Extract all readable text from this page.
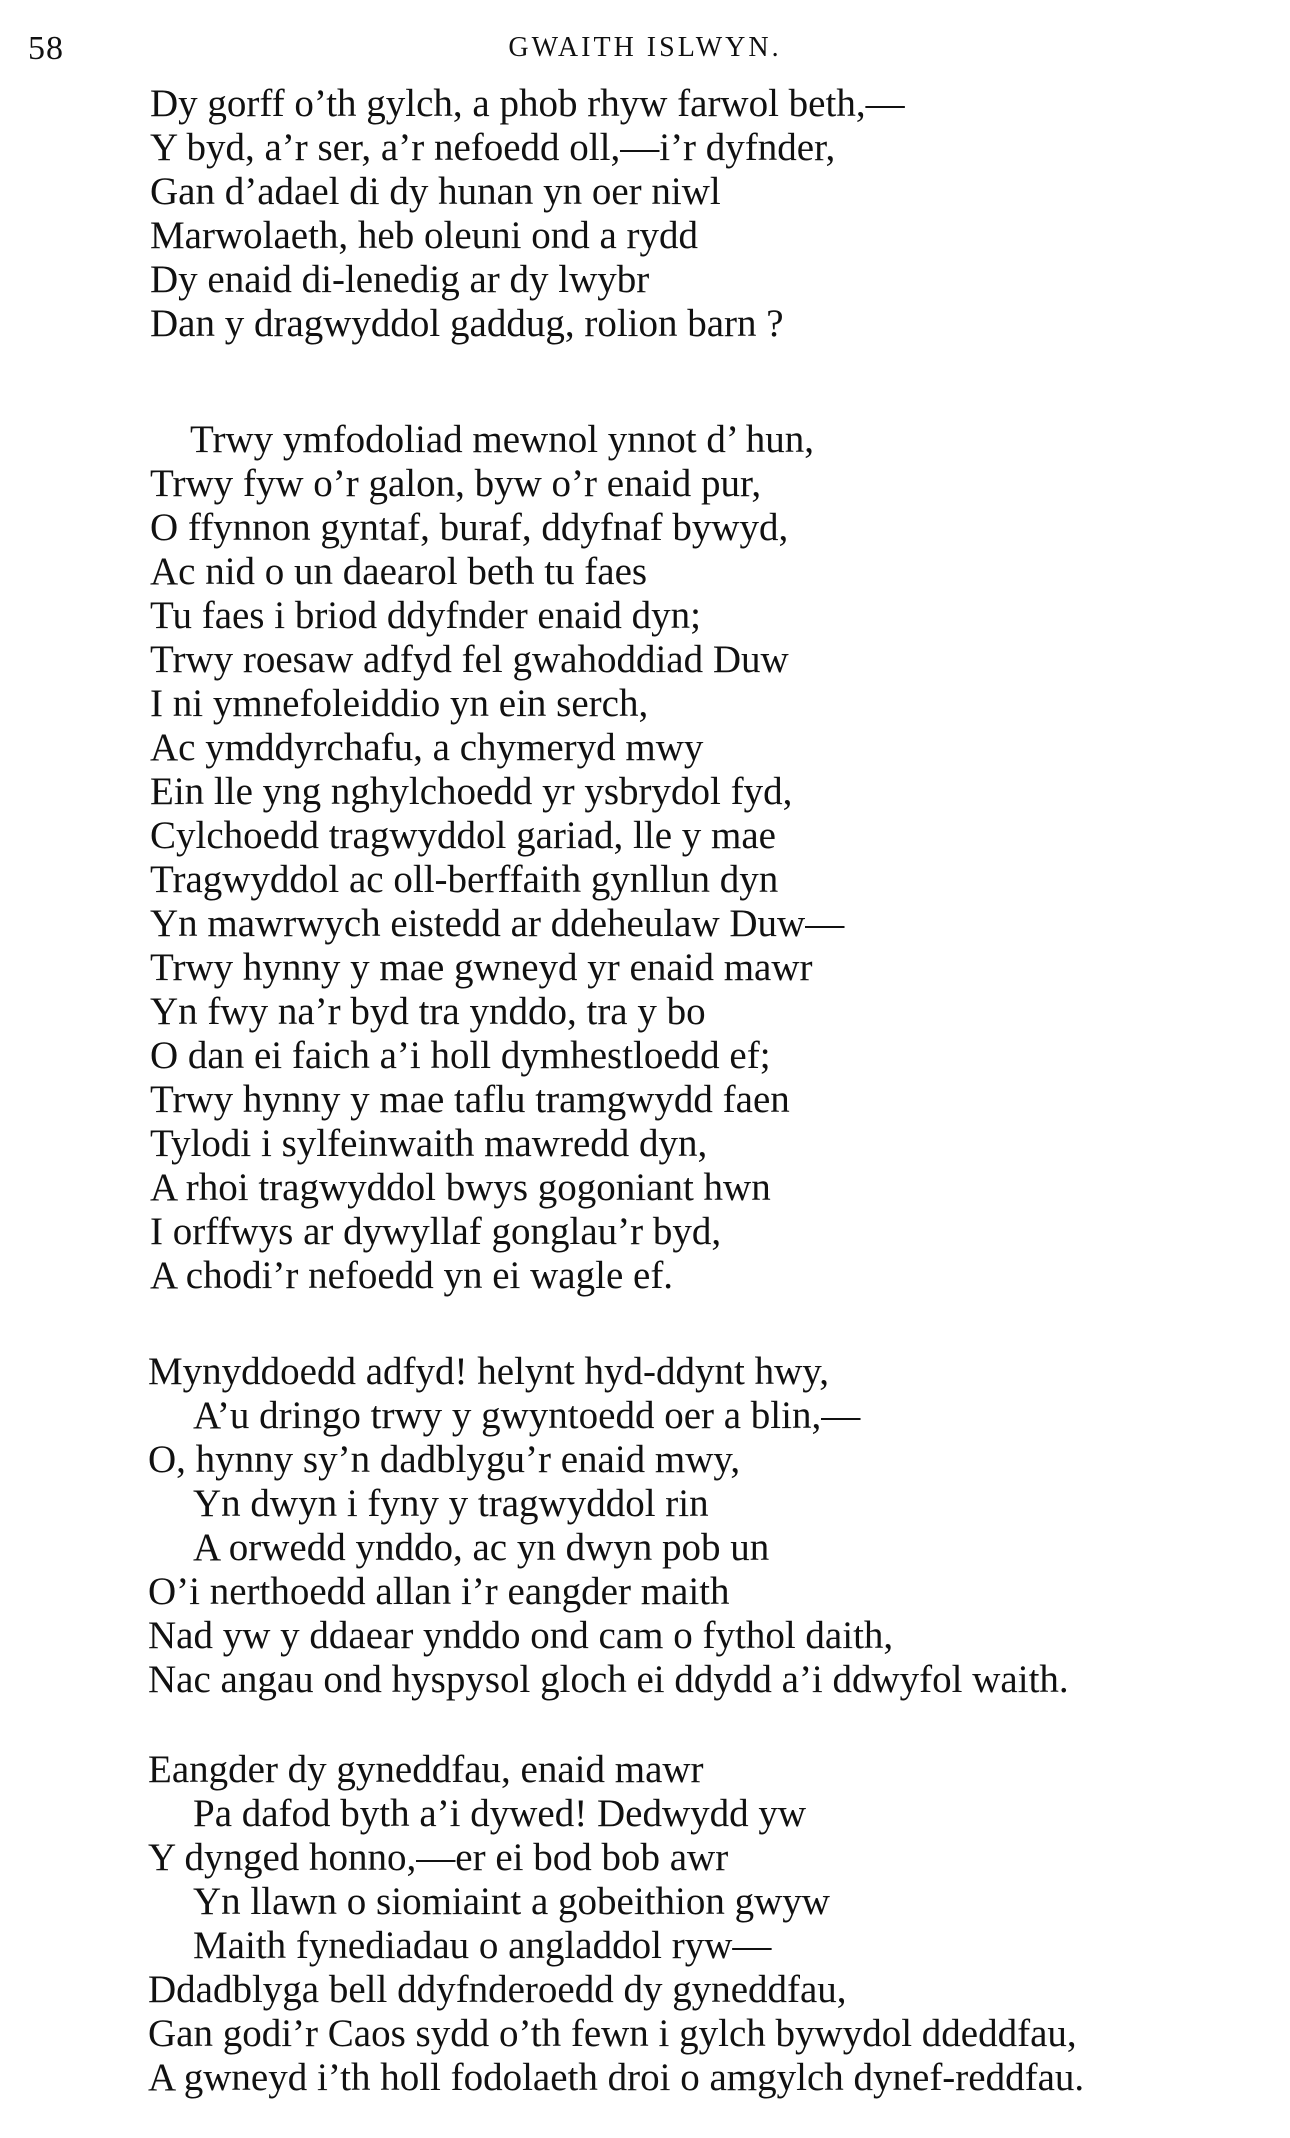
58	GWAITH ISLWYN.
Dy gorff o’th gylch, a phob rhyw farwol beth,—
Y byd, a’r ser, a’r nefoedd oll,—i’r dyfnder,
Gan d’adael di dy hunan yn oer niwl
Marwolaeth, heb oleuni ond a rydd
Dy enaid di-lenedig ar dy lwybr
Dan y dragwyddol gaddug, rolion barn ?
Trwy ymfodoliad mewnol ynnot d’ hun,
Trwy fyw o’r galon, byw o’r enaid pur,
O ffynnon gyntaf, buraf, ddyfnaf bywyd,
Ac nid o un daearol beth tu faes
Tu faes i briod ddyfnder enaid dyn;
Trwy roesaw adfyd fel gwahoddiad Duw
I ni ymnefoleiddio yn ein serch,
Ac ymddyrchafu, a chymeryd mwy
Ein lle yng nghylchoedd yr ysbrydol fyd,
Cylchoedd tragwyddol gariad, lle y mae
Tragwyddol ac oll-berffaith gynllun dyn
Yn mawrwych eistedd ar ddeheulaw Duw—
Trwy hynny y mae gwneyd yr enaid mawr
Yn fwy na’r byd tra ynddo, tra y bo
O dan ei faich a’i holl dymhestloedd ef;
Trwy hynny y mae taflu tramgwydd faen
Tylodi i sylfeinwaith mawredd dyn,
A rhoi tragwyddol bwys gogoniant hwn
I orffwys ar dywyllaf gonglau’r byd,
A chodi’r nefoedd yn ei wagle ef.
Mynyddoedd adfyd! helynt hyd-ddynt hwy,
A’u dringo trwy y gwyntoedd oer a blin,—
O, hynny sy’n dadblygu’r enaid mwy,
Yn dwyn i fyny y tragwyddol rin
A orwedd ynddo, ac yn dwyn pob un
O’i nerthoedd allan i’r eangder maith
Nad yw y ddaear ynddo ond cam o fythol daith,
Nac angau ond hyspysol gloch ei ddydd a’i ddwyfol waith.
Eangder dy gyneddfau, enaid mawr
Pa dafod byth a’i dywed! Dedwydd yw
Y dynged honno,—er ei bod bob awr
Yn llawn o siomiaint a gobeithion gwyw
Maith fynediadau o angladdol ryw—
Ddadblyga bell ddyfnderoedd dy gyneddfau,
Gan godi’r Caos sydd o’th fewn i gylch bywydol ddeddfau,
A gwneyd i’th holl fodolaeth droi o amgylch dynef-reddfau.
